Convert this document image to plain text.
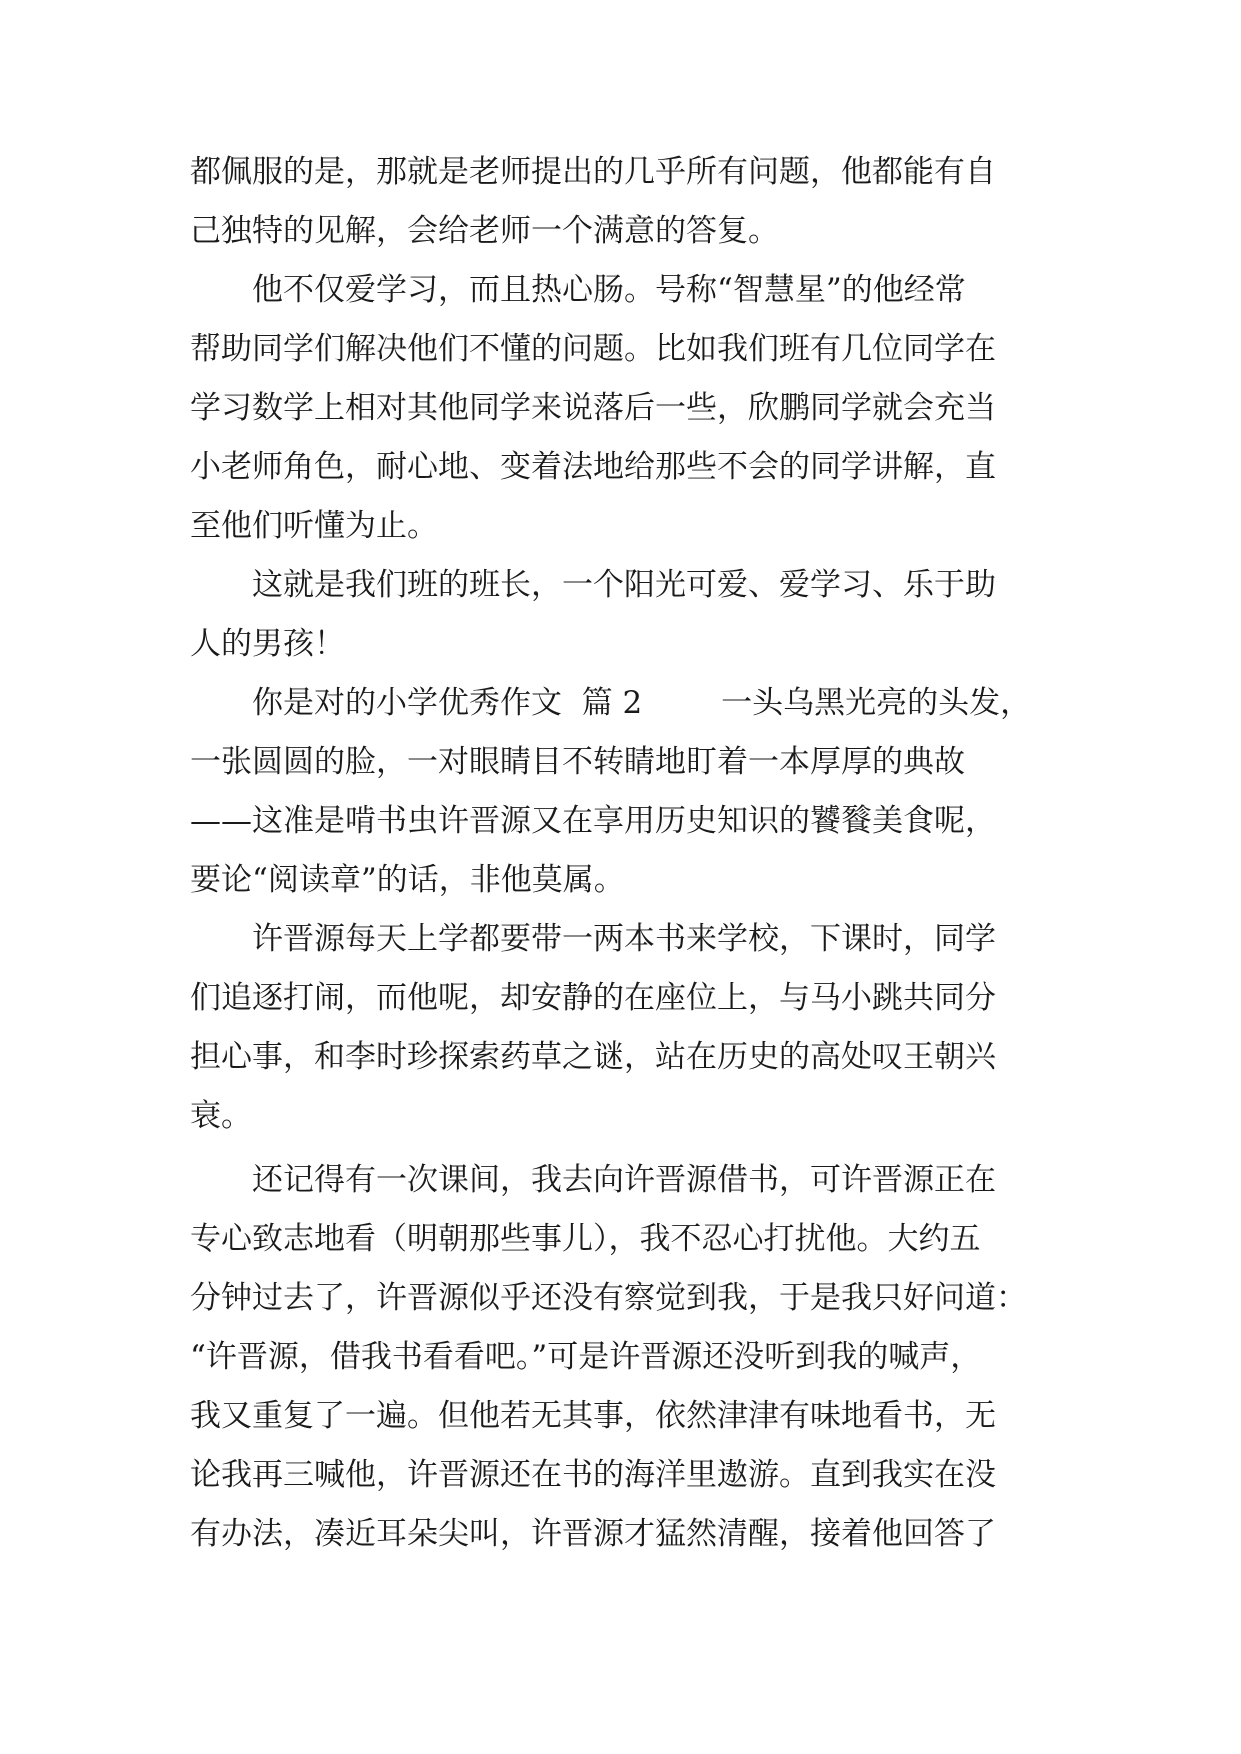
都佩服的是，那就是老师提出的几乎所有问题，他都能有自
己独特的见解，会给老师一个满意的答复。
他不仅爱学习，而且热心肠。号称“智慧星”的他经常
帮助同学们解决他们不懂的问题。比如我们班有几位同学在
学习数学上相对其他同学来说落后一些，欣鹏同学就会充当
小老师角色，耐心地、变着法地给那些不会的同学讲解，直
至他们听懂为止。
这就是我们班的班长，一个阳光可爱、爱学习、乐于助
人的男孩！
你是对的小学优秀作文  篇 2        一头乌黑光亮的头发，
一张圆圆的脸，一对眼睛目不转睛地盯着一本厚厚的典故
——这准是啃书虫许晋源又在享用历史知识的饕餮美食呢，
要论“阅读章”的话，非他莫属。
许晋源每天上学都要带一两本书来学校，下课时，同学
们追逐打闹，而他呢，却安静的在座位上，与马小跳共同分
担心事，和李时珍探索药草之谜，站在历史的高处叹王朝兴
衰。
还记得有一次课间，我去向许晋源借书，可许晋源正在
专心致志地看（明朝那些事儿），我不忍心打扰他。大约五
分钟过去了，许晋源似乎还没有察觉到我，于是我只好问道：
“许晋源，借我书看看吧。”可是许晋源还没听到我的喊声，
我又重复了一遍。但他若无其事，依然津津有味地看书，无
论我再三喊他，许晋源还在书的海洋里遨游。直到我实在没
有办法，凑近耳朵尖叫，许晋源才猛然清醒，接着他回答了
